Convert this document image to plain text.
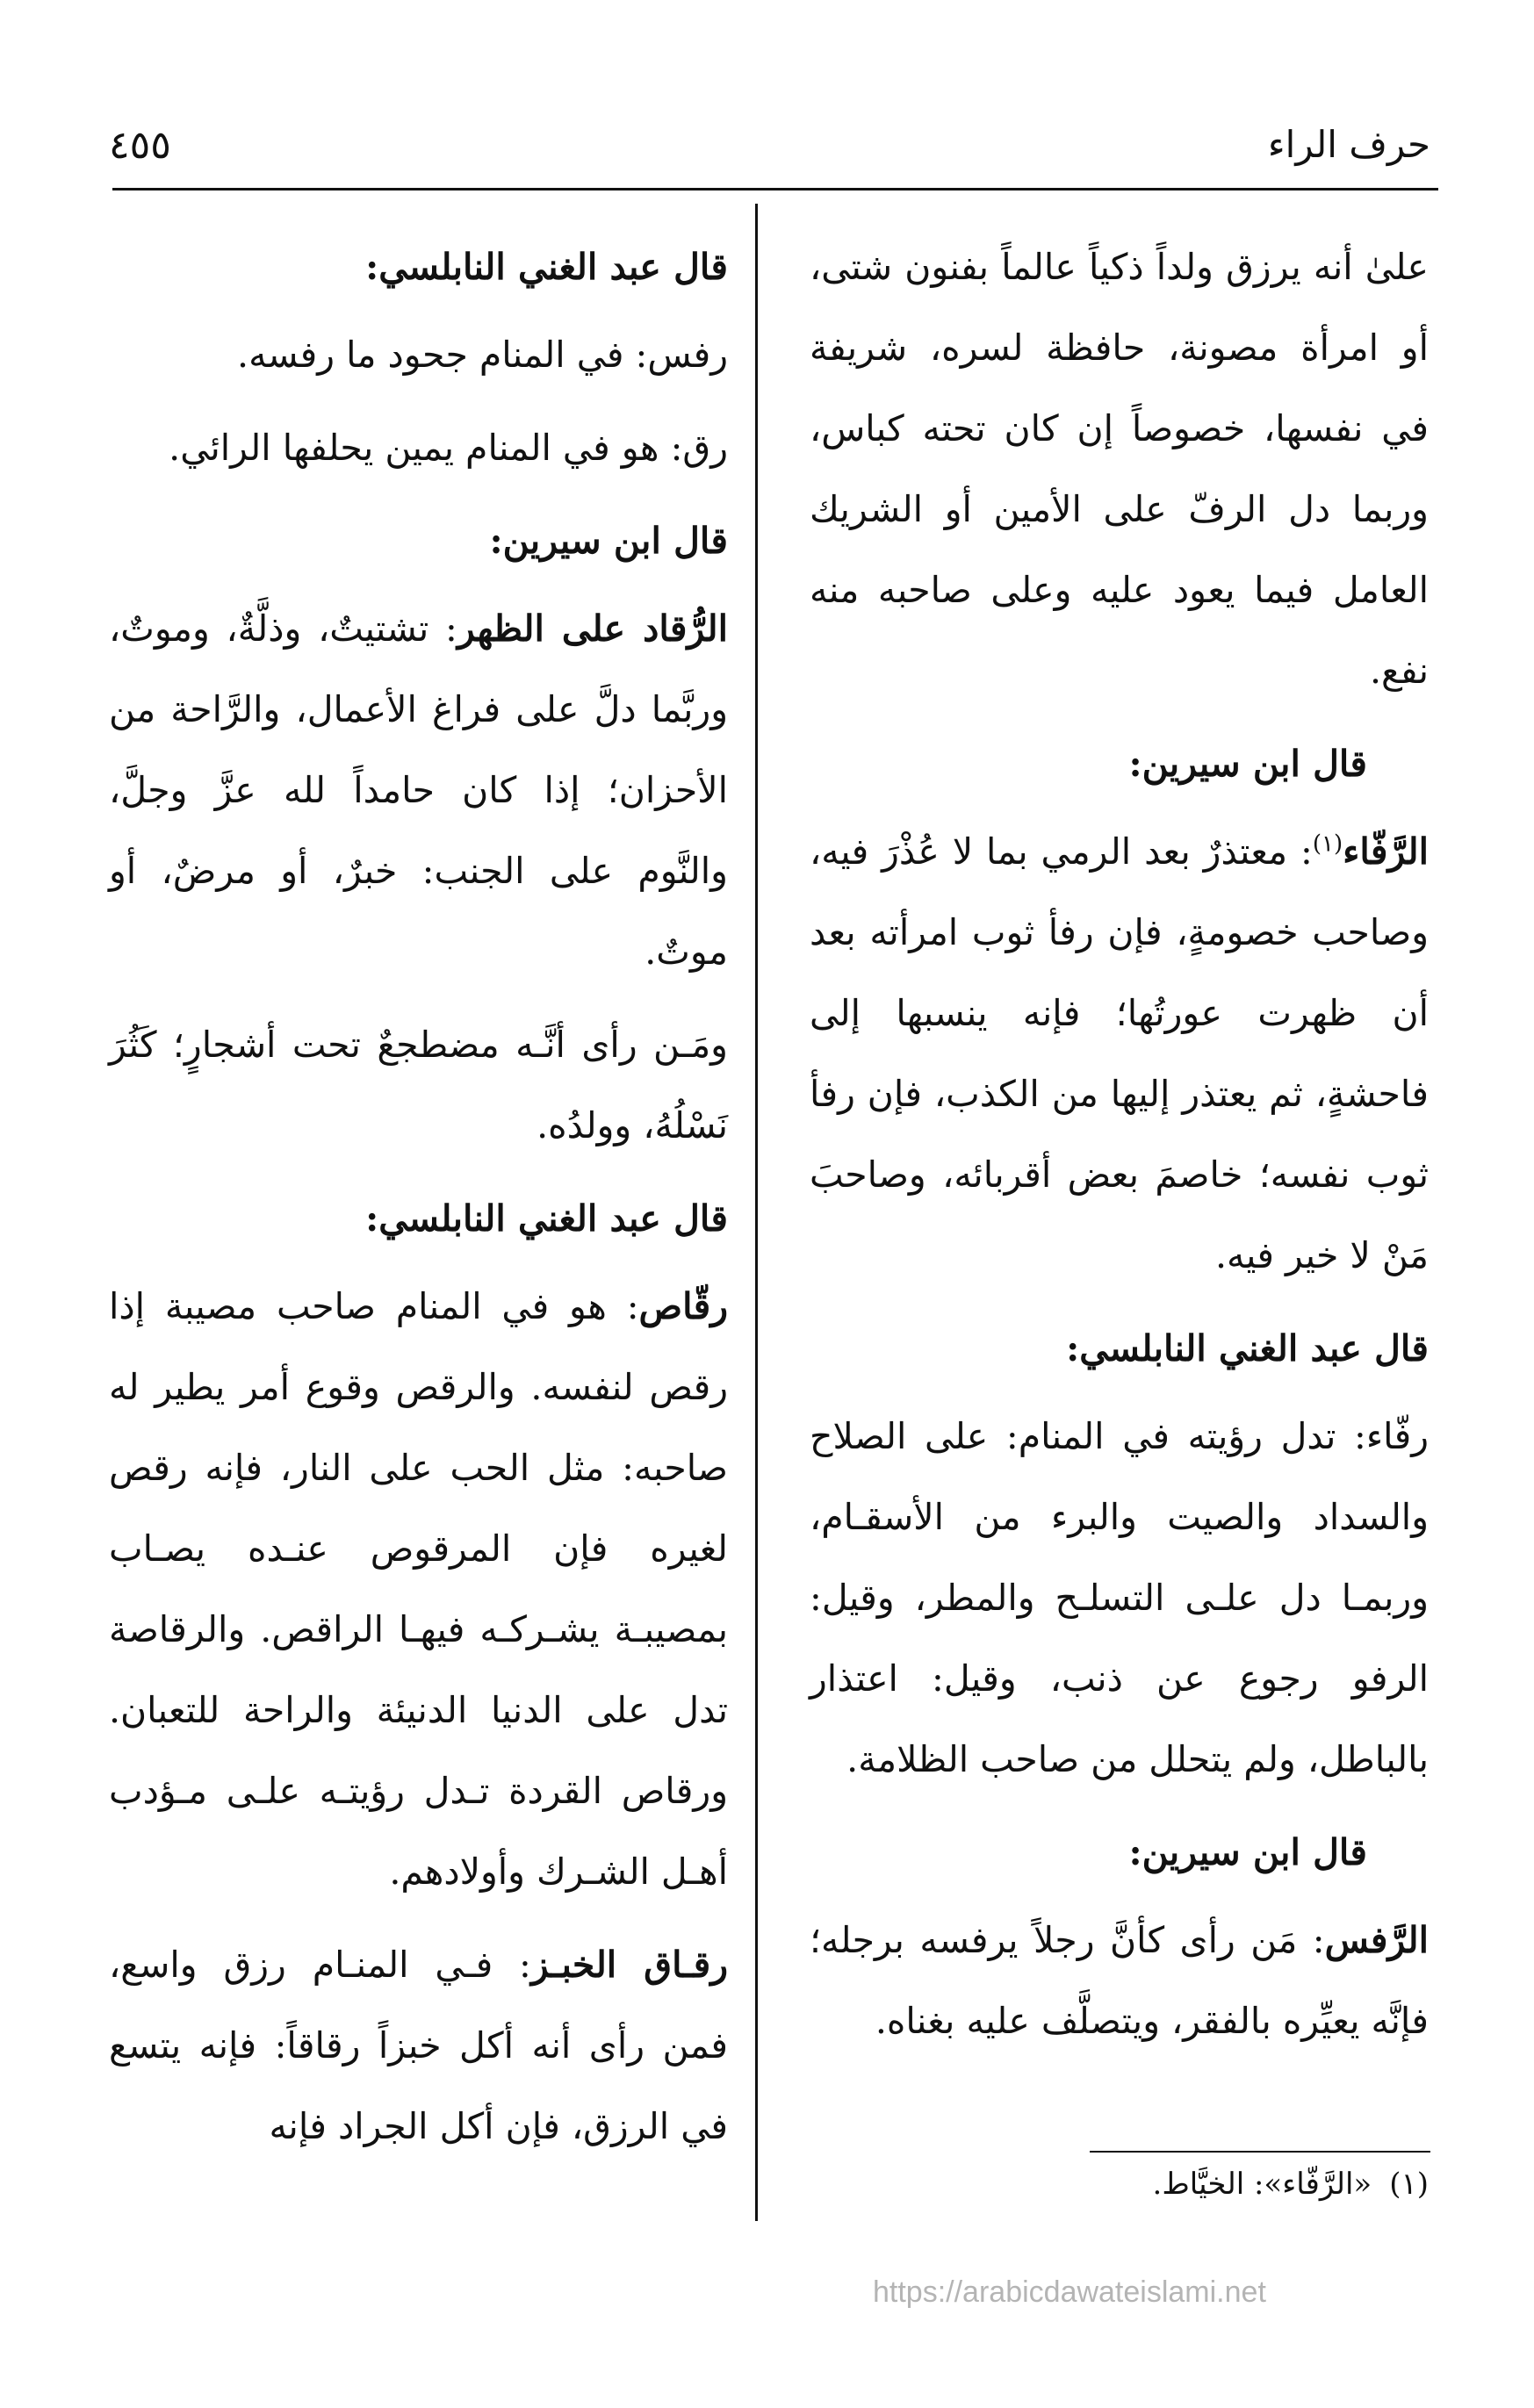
حرف الراء
٤٥٥

علىٰ أنه يرزق ولداً ذكياً عالماً بفنون شتى، أو امرأة مصونة، حافظة لسره، شريفة في نفسها، خصوصاً إن كان تحته كباس، وربما دل الرفّ على الأمين أو الشريك العامل فيما يعود عليه وعلى صاحبه منه نفع.

قال ابن سيرين:

الرَّفّاء$^{(١)}$: معتذرٌ بعد الرمي بما لا عُذْرَ فيه، وصاحب خصومةٍ، فإن رفأ ثوب امرأته بعد أن ظهرت عورتُها؛ فإنه ينسبها إلى فاحشةٍ، ثم يعتذر إليها من الكذب، فإن رفأ ثوب نفسه؛ خاصمَ بعض أقربائه، وصاحبَ مَنْ لا خير فيه.

قال عبد الغني النابلسي:

رفّاء: تدل رؤيته في المنام: على الصلاح والسداد والصيت والبرء من الأسقـام، وربمـا دل علـى التسلـح والمطر، وقيل: الرفو رجوع عن ذنب، وقيل: اعتذار بالباطل، ولم يتحلل من صاحب الظلامة.

قال ابن سيرين:

الرَّفس: مَن رأى كأنَّ رجلاً يرفسه برجله؛ فإنَّه يعيِّره بالفقر، ويتصلَّف عليه بغناه.

قال عبد الغني النابلسي:

رفس: في المنام جحود ما رفسه.

رق: هو في المنام يمين يحلفها الرائي.

قال ابن سيرين:

الرُّقاد على الظهر: تشتيتٌ، وذلَّةٌ، وموتٌ، وربَّما دلَّ على فراغ الأعمال، والرَّاحة من الأحزان؛ إذا كان حامداً لله عزَّ وجلَّ، والنَّوم على الجنب: خبرٌ، أو مرضٌ، أو موتٌ.

ومَـن رأى أنَّـه مضطجعٌ تحت أشجارٍ؛ كَثُرَ نَسْلُهُ، وولدُه.

قال عبد الغني النابلسي:

رقّاص: هو في المنام صاحب مصيبة إذا رقص لنفسه. والرقص وقوع أمر يطير له صاحبه: مثل الحب على النار، فإنه رقص لغيره فإن المرقوص عنـده يصـاب بمصيبـة يشـركـه فيهـا الراقص. والرقاصة تدل على الدنيا الدنيئة والراحة للتعبان. ورقاص القردة تـدل رؤيتـه علـى مـؤدب أهـل الشـرك وأولادهم.

رقـاق الخبـز: فـي المنـام رزق واسع، فمن رأى أنه أكل خبزاً رقاقاً: فإنه يتسع في الرزق، فإن أكل الجراد فإنه

(١)«الرَّفّاء»: الخيَّاط.
https://arabicdawateislami.net
